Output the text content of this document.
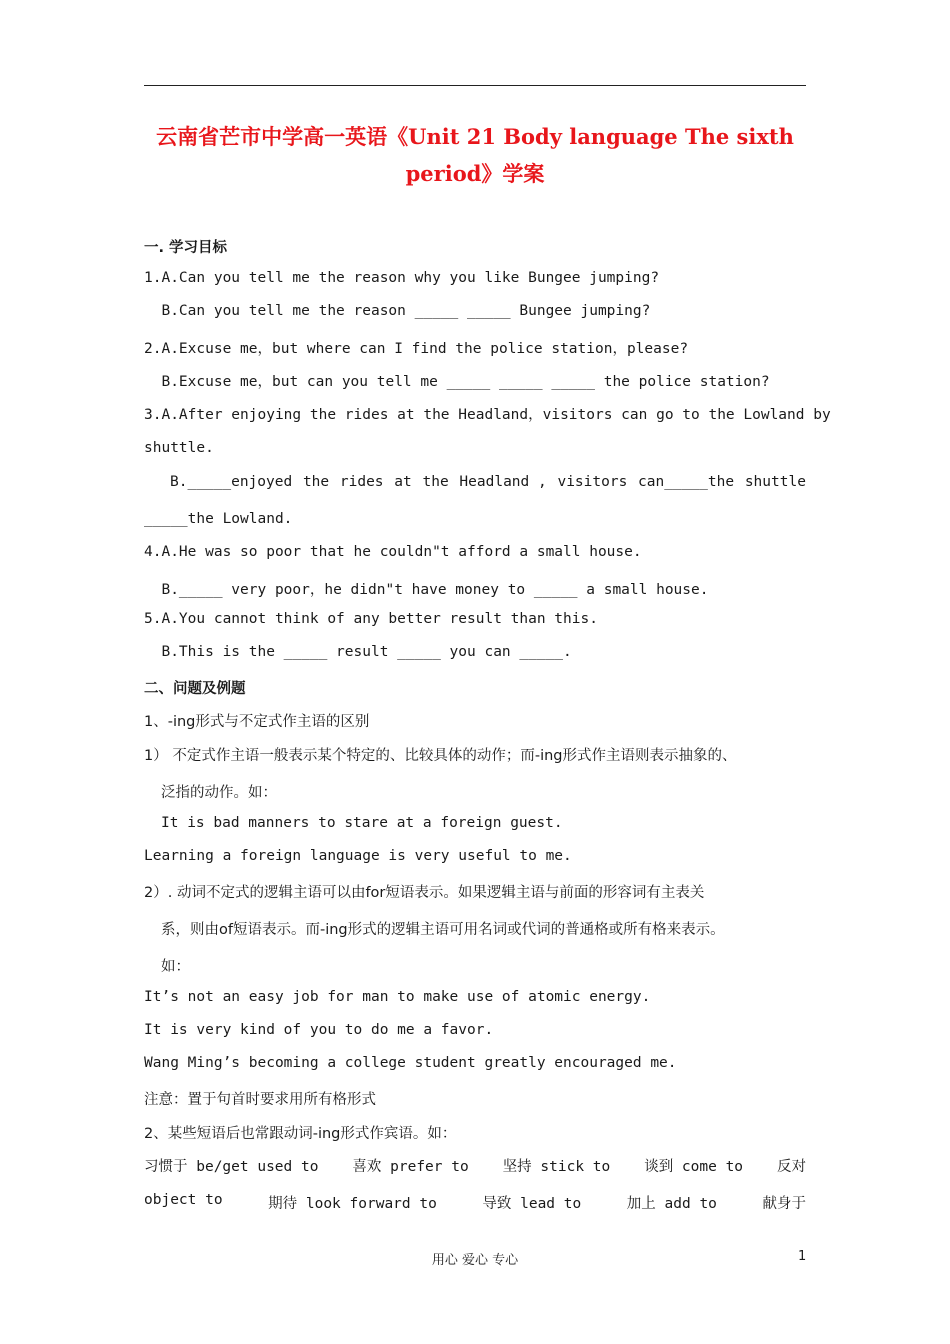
云南省芒市中学高一英语《Unit 21 Body language The sixth
period》学案
一. 学习目标
1.A.Can you tell me the reason why you like Bungee jumping?
B.Can you tell me the reason _____ _____ Bungee jumping?
2.A.Excuse me，but where can I find the police station，please?
B.Excuse me，but can you tell me _____ _____ _____ the police station?
3.A.After enjoying the rides at the Headland，visitors can go to the Lowland by
shuttle.
B._____enjoyed the rides at the Headland , visitors can_____the shuttle
_____the Lowland.
4.A.He was so poor that he couldn"t afford a small house.
B._____ very poor，he didn"t have money to _____ a small house.
5.A.You cannot think of any better result than this.
B.This is the _____ result _____ you can _____.
二、问题及例题
1、-ing形式与不定式作主语的区别
1） 不定式作主语一般表示某个特定的、比较具体的动作；而-ing形式作主语则表示抽象的、
泛指的动作。如：
It is bad manners to stare at a foreign guest.
Learning a foreign language is very useful to me.
2）. 动词不定式的逻辑主语可以由for短语表示。如果逻辑主语与前面的形容词有主表关
系，则由of短语表示。而-ing形式的逻辑主语可用名词或代词的普通格或所有格来表示。
如：
It’s not an easy job for man to make use of atomic energy.
It is very kind of you to do me a favor.
Wang Ming’s becoming a college student greatly encouraged me.
注意：置于句首时要求用所有格形式
2、某些短语后也常跟动词-ing形式作宾语。如：
习惯于 be/get used to 喜欢 prefer to 坚持 stick to 谈到 come to 反对
object to	期待 look forward to	导致 lead to	加上 add to	献身于
用心 爱心 专心	1
